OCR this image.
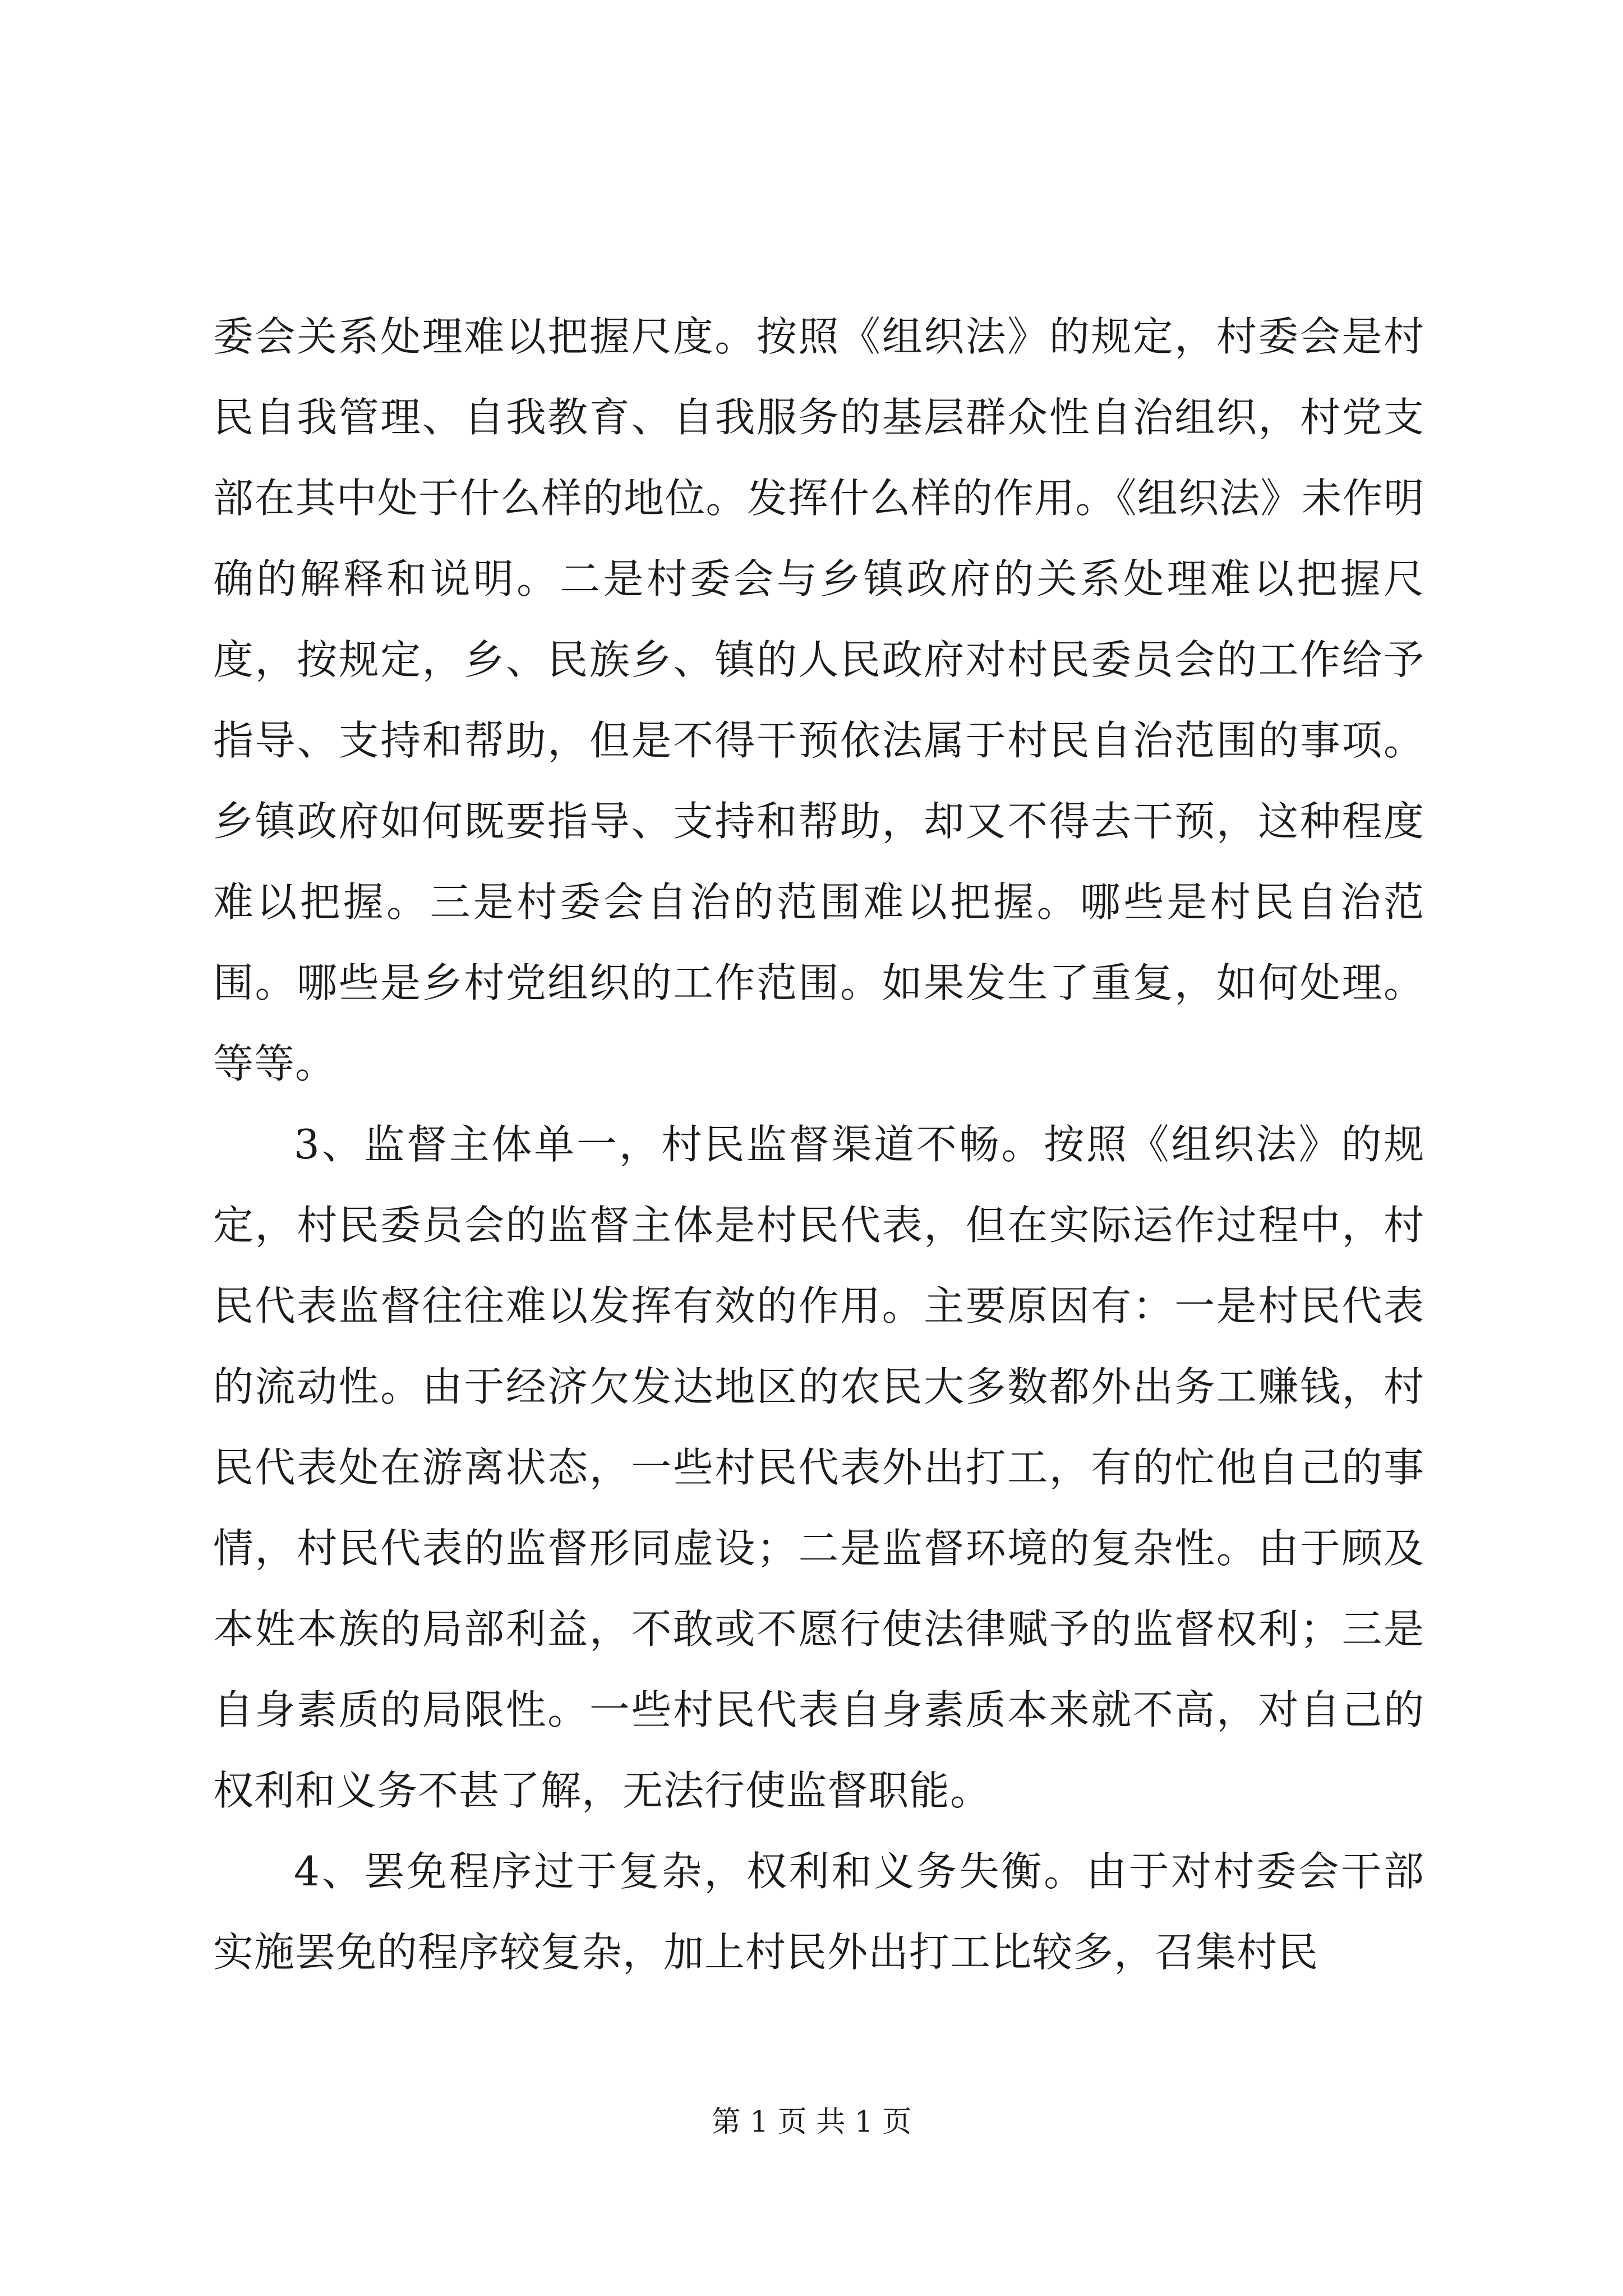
委会关系处理难以把握尺度。按照《组织法》的规定，村委会是村民自我管理、自我教育、自我服务的基层群众性自治组织，村党支部在其中处于什么样的地位。发挥什么样的作用。《组织法》未作明确的解释和说明。二是村委会与乡镇政府的关系处理难以把握尺度，按规定，乡、民族乡、镇的人民政府对村民委员会的工作给予指导、支持和帮助，但是不得干预依法属于村民自治范围的事项。乡镇政府如何既要指导、支持和帮助，却又不得去干预，这种程度难以把握。三是村委会自治的范围难以把握。哪些是村民自治范围。哪些是乡村党组织的工作范围。如果发生了重复，如何处理。等等。

3、监督主体单一，村民监督渠道不畅。按照《组织法》的规定，村民委员会的监督主体是村民代表，但在实际运作过程中，村民代表监督往往难以发挥有效的作用。主要原因有：一是村民代表的流动性。由于经济欠发达地区的农民大多数都外出务工赚钱，村民代表处在游离状态，一些村民代表外出打工，有的忙他自己的事情，村民代表的监督形同虚设；二是监督环境的复杂性。由于顾及本姓本族的局部利益，不敢或不愿行使法律赋予的监督权利；三是自身素质的局限性。一些村民代表自身素质本来就不高，对自己的权利和义务不甚了解，无法行使监督职能。

4、罢免程序过于复杂，权利和义务失衡。由于对村委会干部实施罢免的程序较复杂，加上村民外出打工比较多，召集村民

第 1 页 共 1 页
